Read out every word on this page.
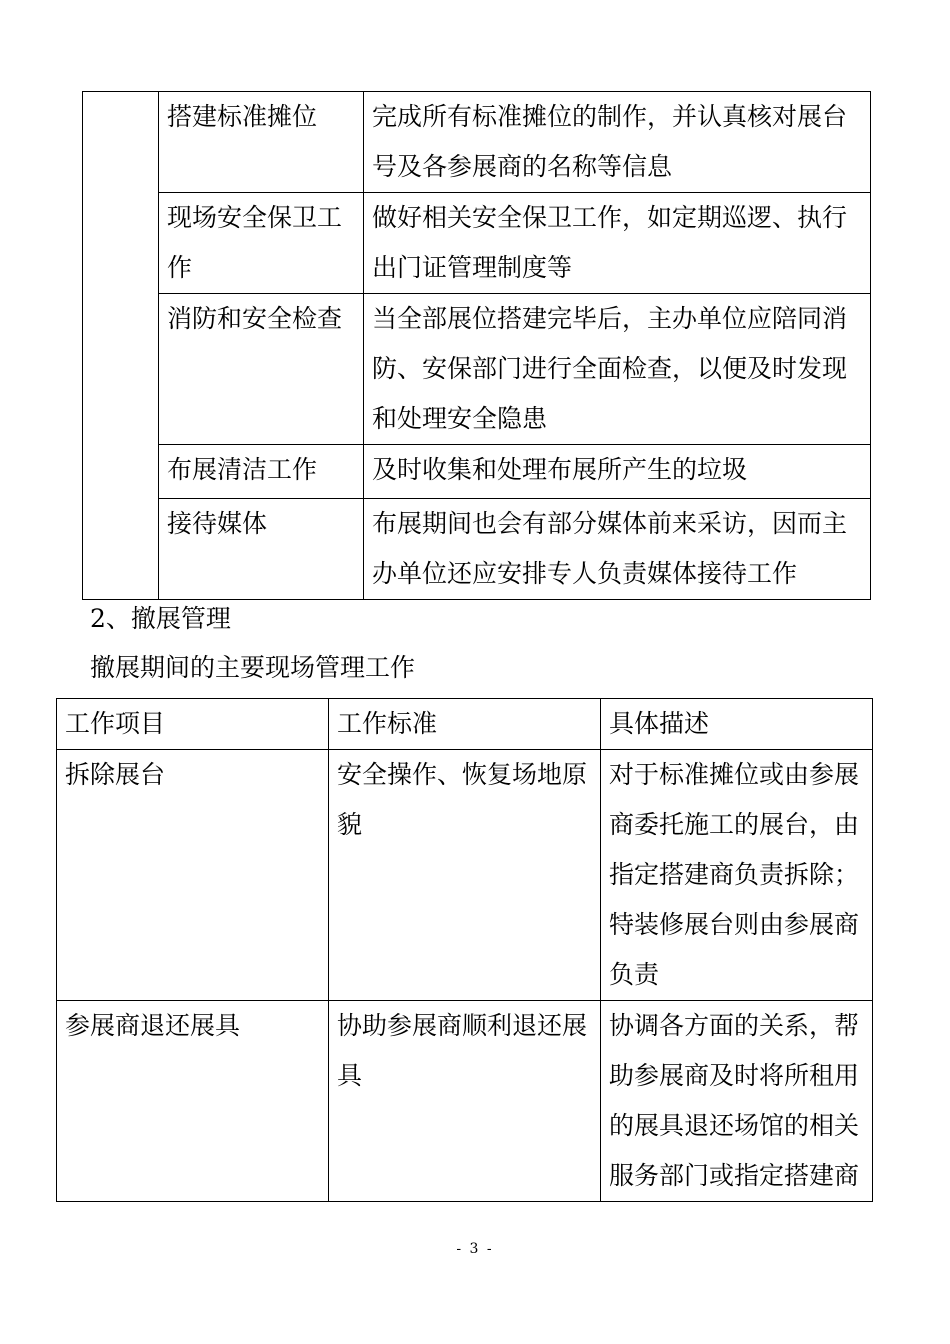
	搭建标准摊位	完成所有标准摊位的制作，并认真核对展台号及各参展商的名称等信息
	现场安全保卫工作	做好相关安全保卫工作，如定期巡逻、执行出门证管理制度等
	消防和安全检查	当全部展位搭建完毕后，主办单位应陪同消防、安保部门进行全面检查，以便及时发现和处理安全隐患
	布展清洁工作	及时收集和处理布展所产生的垃圾
	接待媒体	布展期间也会有部分媒体前来采访，因而主办单位还应安排专人负责媒体接待工作
2、撤展管理
撤展期间的主要现场管理工作
工作项目	工作标准	具体描述
拆除展台	安全操作、恢复场地原貌	对于标准摊位或由参展商委托施工的展台，由指定搭建商负责拆除；特装修展台则由参展商负责
参展商退还展具	协助参展商顺利退还展具	协调各方面的关系，帮助参展商及时将所租用的展具退还场馆的相关服务部门或指定搭建商
- 3 -
